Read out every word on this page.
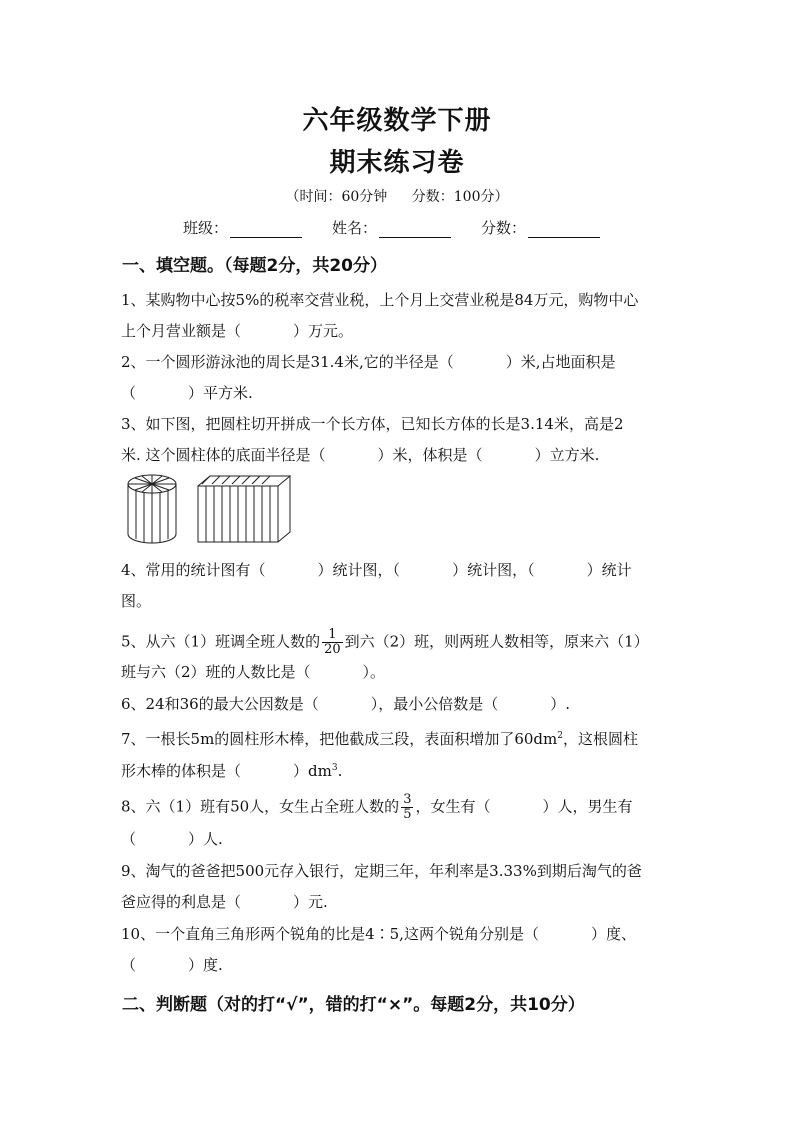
六年级数学下册
期末练习卷
（时间：60分钟 分数：100分）
班级：	姓名：	分数：
一、填空题。（每题2分，共20分）
1、某购物中心按5%的税率交营业税，上个月上交营业税是84万元，购物中心
上个月营业额是（	）万元。
2、一个圆形游泳池的周长是31.4米,它的半径是（	）米,占地面积是
（	）平方米.
3、如下图，把圆柱切开拼成一个长方体，已知长方体的长是3.14米，高是2
米. 这个圆柱体的底面半径是（	）米，体积是（	）立方米.
4、常用的统计图有（	）统计图，（	）统计图，（	）统计
图。
5、从六（1）班调全班人数的 $\frac{1}{20}$ 到六（2）班，则两班人数相等，原来六（1）
班与六（2）班的人数比是（	）。
6、24和36的最大公因数是（	），最小公倍数是（	）.
7、一根长5m的圆柱形木棒，把他截成三段，表面积增加了$60dm^2$，这根圆柱
形木棒的体积是（	）$dm^3$.
8、六（1）班有50人，女生占全班人数的 $\frac{3}{5}$ ，女生有（	）人，男生有
（	）人.
9、淘气的爸爸把500元存入银行，定期三年，年利率是3.33%到期后淘气的爸
爸应得的利息是（	）元.
10、一个直角三角形两个锐角的比是4∶5,这两个锐角分别是（	）度、
（	）度.
二、判断题（对的打“√”，错的打“×”。每题2分，共10分）
